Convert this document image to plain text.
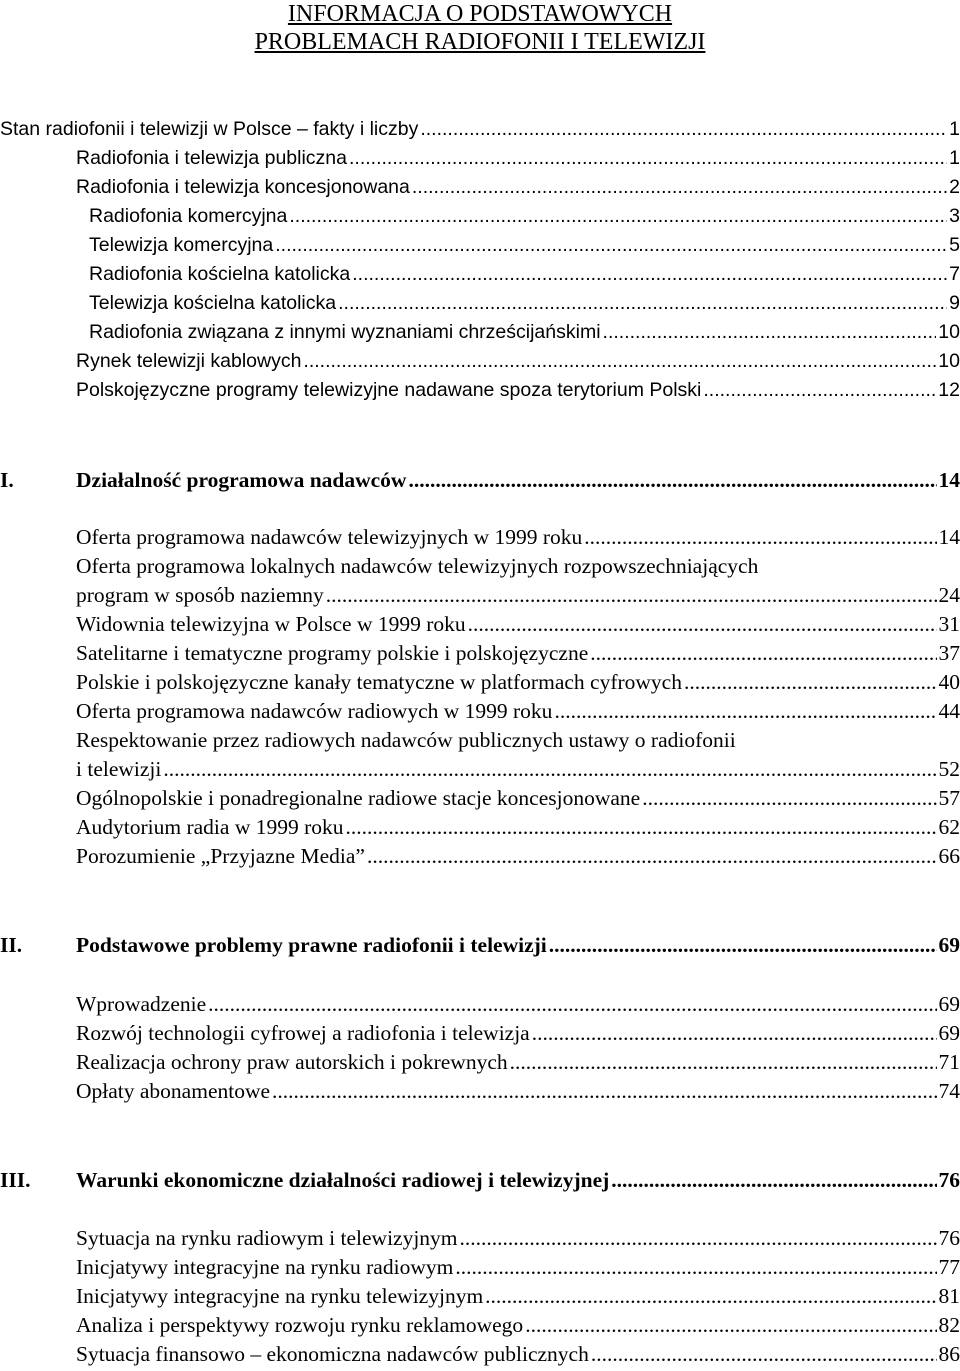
INFORMACJA O PODSTAWOWYCH
PROBLEMACH RADIOFONII I TELEWIZJI
Stan radiofonii i telewizji w Polsce – fakty i liczby .....	1
Radiofonia i telewizja publiczna .....	1
Radiofonia i telewizja koncesjonowana .....	2
Radiofonia komercyjna .....	3
Telewizja komercyjna .....	5
Radiofonia kościelna katolicka .....	7
Telewizja kościelna katolicka .....	9
Radiofonia związana z innymi wyznaniami chrześcijańskimi .....	10
Rynek telewizji kablowych .....	10
Polskojęzyczne programy telewizyjne nadawane spoza terytorium Polski .....	12
I.	Działalność programowa nadawców .....	14
Oferta programowa nadawców telewizyjnych w 1999 roku .....	14
Oferta programowa lokalnych nadawców telewizyjnych rozpowszechniających
program w sposób naziemny .....	24
Widownia telewizyjna w Polsce w 1999 roku .....	31
Satelitarne i tematyczne programy polskie i polskojęzyczne .....	37
Polskie i polskojęzyczne kanały tematyczne w platformach cyfrowych .....	40
Oferta programowa nadawców radiowych w 1999 roku .....	44
Respektowanie przez radiowych nadawców publicznych ustawy o radiofonii
i telewizji .....	52
Ogólnopolskie i ponadregionalne radiowe stacje koncesjonowane .....	57
Audytorium radia w 1999 roku .....	62
Porozumienie „Przyjazne Media” .....	66
II.	Podstawowe problemy prawne radiofonii i telewizji .....	69
Wprowadzenie .....	69
Rozwój technologii cyfrowej a radiofonia i telewizja .....	69
Realizacja ochrony praw autorskich i pokrewnych .....	71
Opłaty abonamentowe .....	74
III. Warunki ekonomiczne działalności radiowej i telewizyjnej .....	76
Sytuacja na rynku radiowym i telewizyjnym .....	76
Inicjatywy integracyjne na rynku radiowym .....	77
Inicjatywy integracyjne na rynku telewizyjnym .....	81
Analiza i perspektywy rozwoju rynku reklamowego .....	82
Sytuacja finansowo – ekonomiczna nadawców publicznych .....	86
